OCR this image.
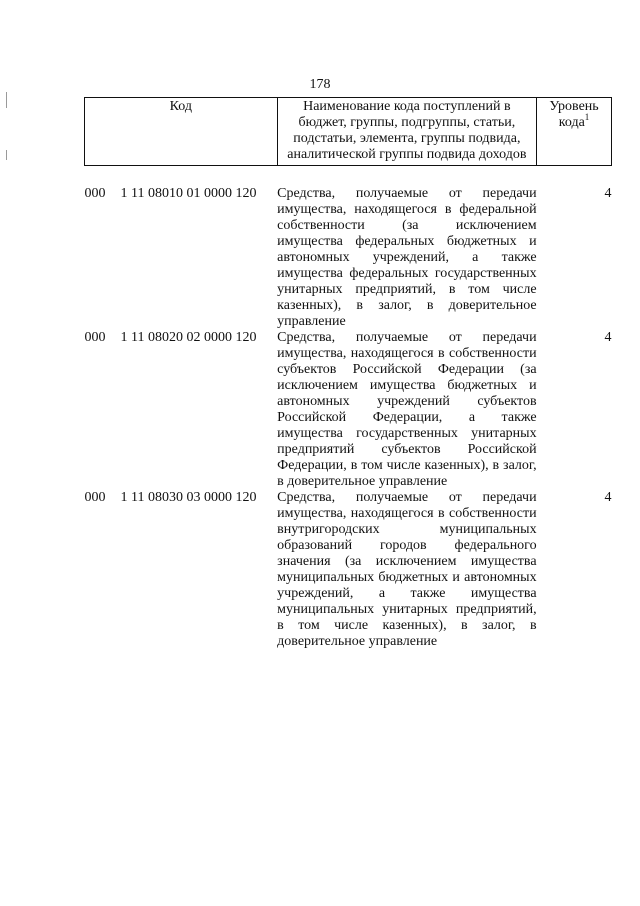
178
Код	Наименование кода поступлений в бюджет, группы, подгруппы, статьи, подстатьи, элемента, группы подвида, аналитической группы подвида доходов	Уровень
кода$^1$

000 1 11 08010 01 0000 120	Средства, получаемые от передачи имущества, находящегося в федеральной собственности (за исключением имущества федеральных бюджетных и автономных учреждений, а также имущества федеральных государственных унитарных предприятий, в том числе казенных), в залог, в доверительное управление	4
000 1 11 08020 02 0000 120	Средства, получаемые от передачи имущества, находящегося в собственности субъектов Российской Федерации (за исключением имущества бюджетных и автономных учреждений субъектов Российской Федерации, а также имущества государственных унитарных предприятий субъектов Российской Федерации, в том числе казенных), в залог, в доверительное управление	4
000 1 11 08030 03 0000 120	Средства, получаемые от передачи имущества, находящегося в собственности внутригородских муниципальных образований городов федерального значения (за исключением имущества муниципальных бюджетных и автономных учреждений, а также имущества муниципальных унитарных предприятий, в том числе казенных), в залог, в доверительное управление	4
